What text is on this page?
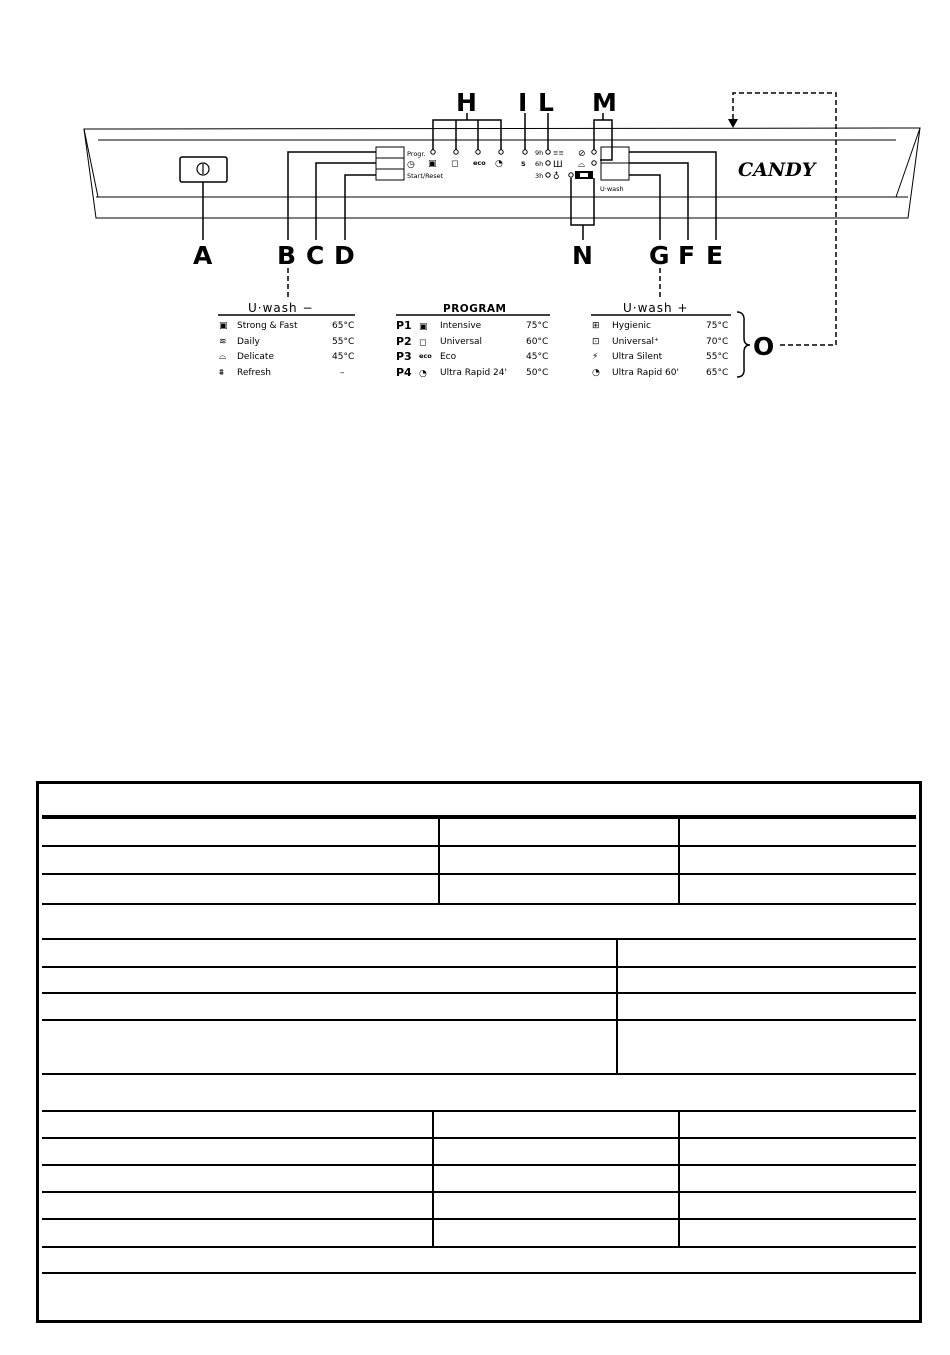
Progr.
◷
Start/Reset
▣ ◻ eco ◔	S
9h
6h
3h
≡≡
Ш
♁
⊘
⌓
U·wash
CANDY
A	B C D	N G F E
H I L M
O
U·wash −
▣ Strong & Fast	65°C
≋ Daily	55°C
⌓ Delicate	45°C
⩩ Refresh	–
PROGRAM
P1 ▣ Intensive	75°C
P2 ◻ Universal	60°C
P3 eco Eco	45°C
P4 ◔ Ultra Rapid 24' 50°C
U·wash +
⊞ Hygienic	75°C
⊡ Universal⁺	70°C
⚡ Ultra Silent	55°C
◔ Ultra Rapid 60'	65°C
